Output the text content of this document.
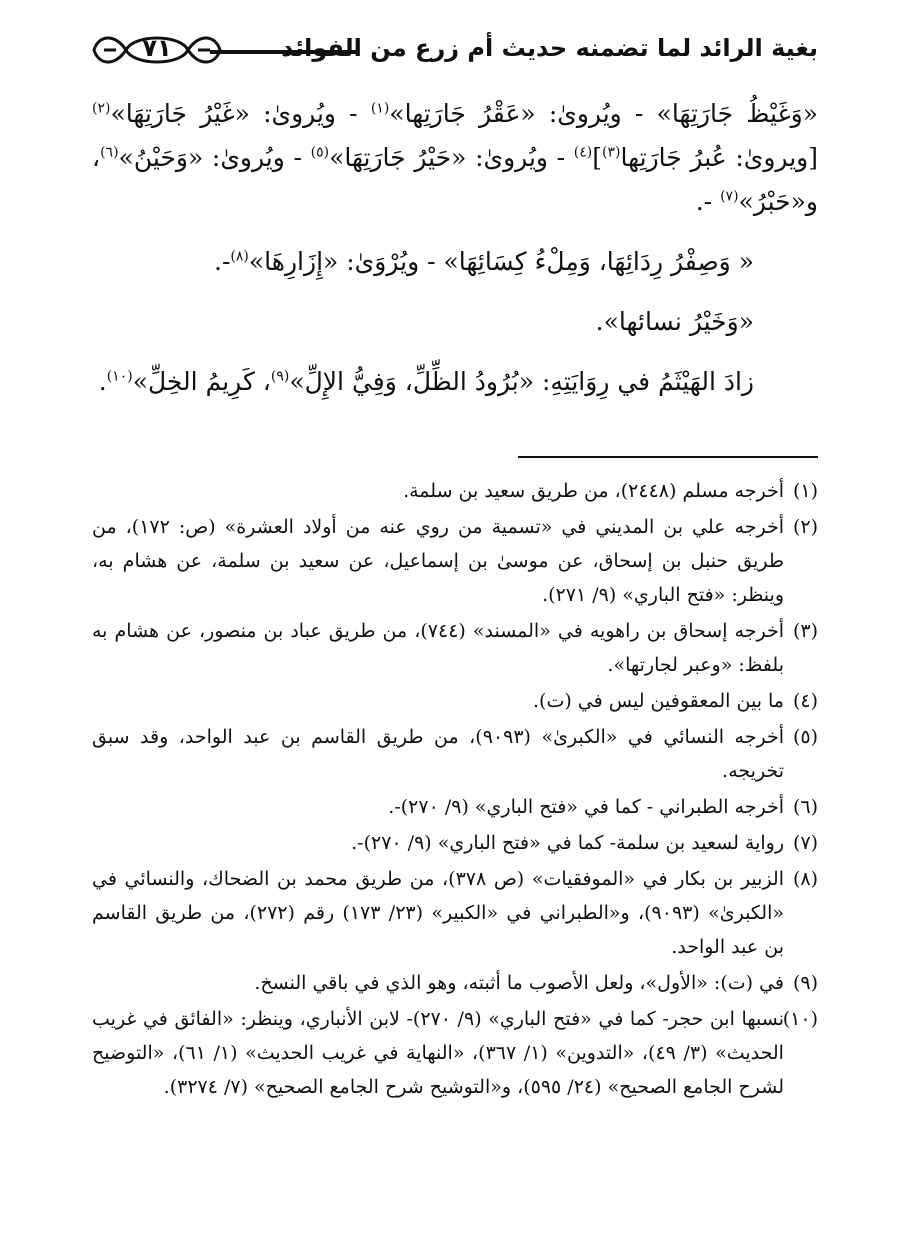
بغية الرائد لما تضمنه حديث أم زرع من الفوائد
٧١

«وَغَيْظُ جَارَتِهَا» - ويُروىٰ: «عَقْرُ جَارَتِها»$^{(١)}$ - ويُروىٰ: «غَيْرُ جَارَتِهَا»$^{(٢)}$ [ويروىٰ: عُبرُ جَارَتِها$^{(٣)}$]$^{(٤)}$ - ويُروىٰ: «حَيْرُ جَارَتِهَا»$^{(٥)}$ - ويُروىٰ: «وَحَيْنُ»$^{(٦)}$، و«حَبْرُ»$^{(٧)}$ -.

« وَصِفْرُ رِدَائِهَا، وَمِلْءُ كِسَائِهَا» - ويُرْوَىٰ: «إِزَارِهَا»$^{(٨)}$-.

«وَخَيْرُ نسائها».

زادَ الهَيْثَمُ في رِوَايَتِهِ: «بُرُودُ الظِّلِّ، وَفِيُّ الإِلِّ»$^{(٩)}$، كَرِيمُ الخِلِّ»$^{(١٠)}$.

(١)
أخرجه مسلم (٢٤٤٨)، من طريق سعيد بن سلمة.

(٢)
أخرجه علي بن المديني في «تسمية من روي عنه من أولاد العشرة» (ص: ١٧٢)، من طريق حنبل بن إسحاق، عن موسىٰ بن إسماعيل، عن سعيد بن سلمة، عن هشام به، وينظر: «فتح الباري» (٩/ ٢٧١).

(٣)
أخرجه إسحاق بن راهويه في «المسند» (٧٤٤)، من طريق عباد بن منصور، عن هشام به بلفظ: «وعبر لجارتها».

(٤)
ما بين المعقوفين ليس في (ت).

(٥)
أخرجه النسائي في «الكبرىٰ» (٩٠٩٣)، من طريق القاسم بن عبد الواحد، وقد سبق تخريجه.

(٦)
أخرجه الطبراني - كما في «فتح الباري» (٩/ ٢٧٠)-.

(٧)
رواية لسعيد بن سلمة- كما في «فتح الباري» (٩/ ٢٧٠)-.

(٨)
الزبير بن بكار في «الموفقيات» (ص ٣٧٨)، من طريق محمد بن الضحاك، والنسائي في «الكبرىٰ» (٩٠٩٣)، و«الطبراني في «الكبير» (٢٣/ ١٧٣) رقم (٢٧٢)، من طريق القاسم بن عبد الواحد.

(٩)
في (ت): «الأول»، ولعل الأصوب ما أثبته، وهو الذي في باقي النسخ.

(١٠)
نسبها ابن حجر- كما في «فتح الباري» (٩/ ٢٧٠)- لابن الأنباري، وينظر: «الفائق في غريب الحديث» (٣/ ٤٩)، «التدوين» (١/ ٣٦٧)، «النهاية في غريب الحديث» (١/ ٦١)، «التوضيح لشرح الجامع الصحيح» (٢٤/ ٥٩٥)، و«التوشيح شرح الجامع الصحيح» (٧/ ٣٢٧٤).
